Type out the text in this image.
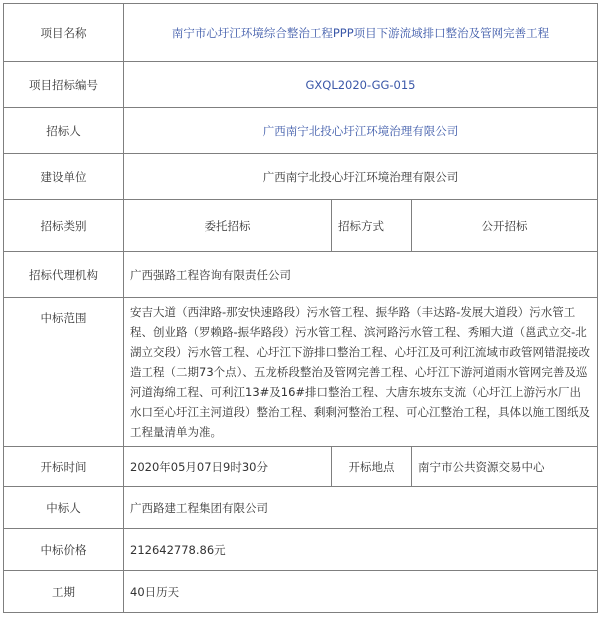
项目名称	南宁市心圩江环境综合整治工程PPP项目下游流域排口整治及管网完善工程		
项目招标编号	GXQL2020-GG-015		
招标人	广西南宁北投心圩江环境治理有限公司		
建设单位	广西南宁北投心圩江环境治理有限公司		
招标类别	委托招标	招标方式	公开招标
招标代理机构	广西强路工程咨询有限责任公司		
中标范围	安吉大道（西津路-那安快速路段）污水管工程、振华路（丰达路-发展大道段）污水管工程、创业路（罗赖路-振华路段）污水管工程、滨河路污水管工程、秀厢大道（邕武立交-北湖立交段）污水管工程、心圩江下游排口整治工程、心圩江及可利江流域市政管网错混接改造工程（二期73个点）、五龙桥段整治及管网完善工程、心圩江下游河道雨水管网完善及巡河道海绵工程、可利江13#及16#排口整治工程、大唐东坡东支流（心圩江上游污水厂出水口至心圩江主河道段）整治工程、剩剩河整治工程、可心江整治工程，具体以施工图纸及工程量清单为准。		
开标时间	2020年05月07日9时30分	开标地点	南宁市公共资源交易中心
中标人	广西路建工程集团有限公司		
中标价格	212642778.86元		
工期	40日历天		
